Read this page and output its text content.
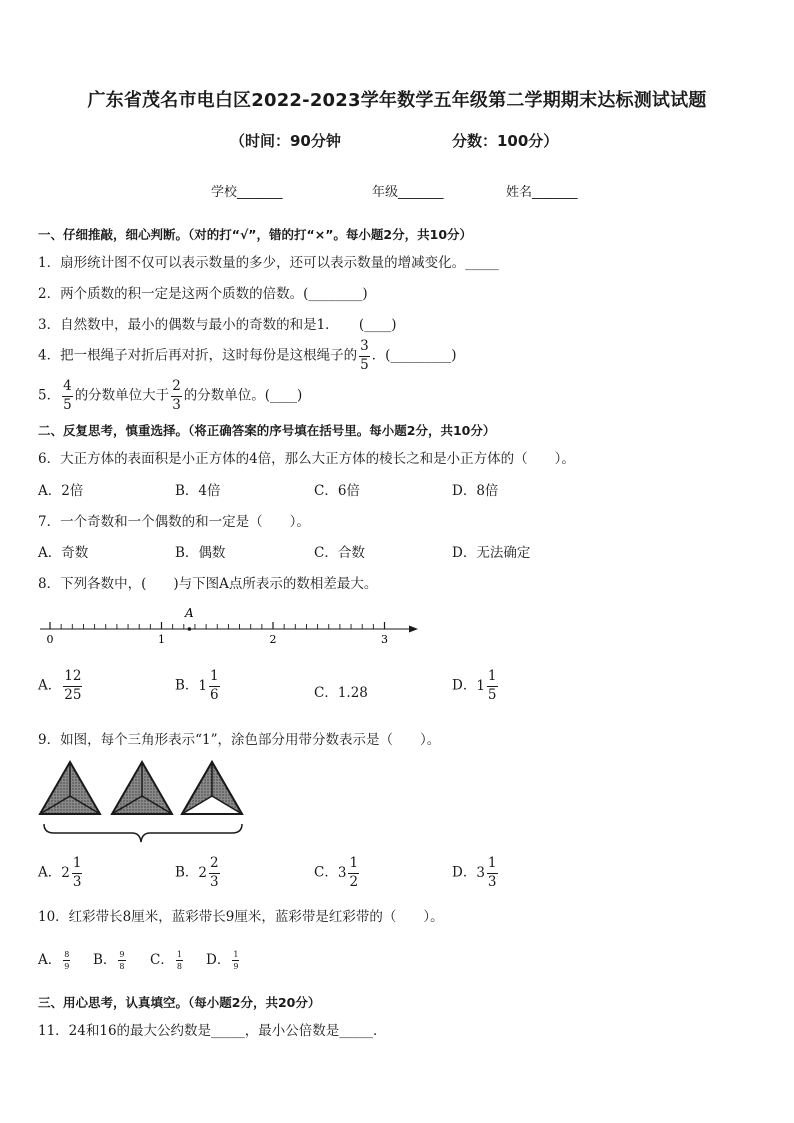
广东省茂名市电白区2022-2023学年数学五年级第二学期期末达标测试试题
（时间：90分钟	分数：100分）
学校_______	年级_______	姓名_______
一、仔细推敲，细心判断。（对的打“√”，错的打“×”。每小题2分，共10分）
1．扇形统计图不仅可以表示数量的多少，还可以表示数量的增减变化。_____
2．两个质数的积一定是这两个质数的倍数。(________)
3．自然数中，最小的偶数与最小的奇数的和是1．　　(____)
4．把一根绳子对折后再对折，这时每份是这根绳子的 $\frac{3}{5}$ ．(_________)
5． $\frac{4}{5}$ 的分数单位大于 $\frac{2}{3}$ 的分数单位。(____)
二、反复思考，慎重选择。（将正确答案的序号填在括号里。每小题2分，共10分）
6．大正方体的表面积是小正方体的4倍，那么大正方体的棱长之和是小正方体的（　　）。
A．2倍	B．4倍	C．6倍	D．8倍
7．一个奇数和一个偶数的和一定是（　　）。
A．奇数	B．偶数	C．合数	D．无法确定
8．下列各数中，(　　)与下图A点所表示的数相差最大。
0	1	2	3
A
A． $\frac{12}{25}$	B．$1 \frac{1}{6}$	C．1.28	D．$1 \frac{1}{5}$
9．如图，每个三角形表示“1”，涂色部分用带分数表示是（　　）。
A．$2 \frac{1}{3}$	B．$2 \frac{2}{3}$	C．$3 \frac{1}{2}$	D．$3 \frac{1}{3}$
10．红彩带长8厘米，蓝彩带长9厘米，蓝彩带是红彩带的（　　）。
A． $\frac{8}{9}$ B． $\frac{9}{8}$ C． $\frac{1}{8}$ D． $\frac{1}{9}$
三、用心思考，认真填空。（每小题2分，共20分）
11．24和16的最大公约数是_____，最小公倍数是_____．
